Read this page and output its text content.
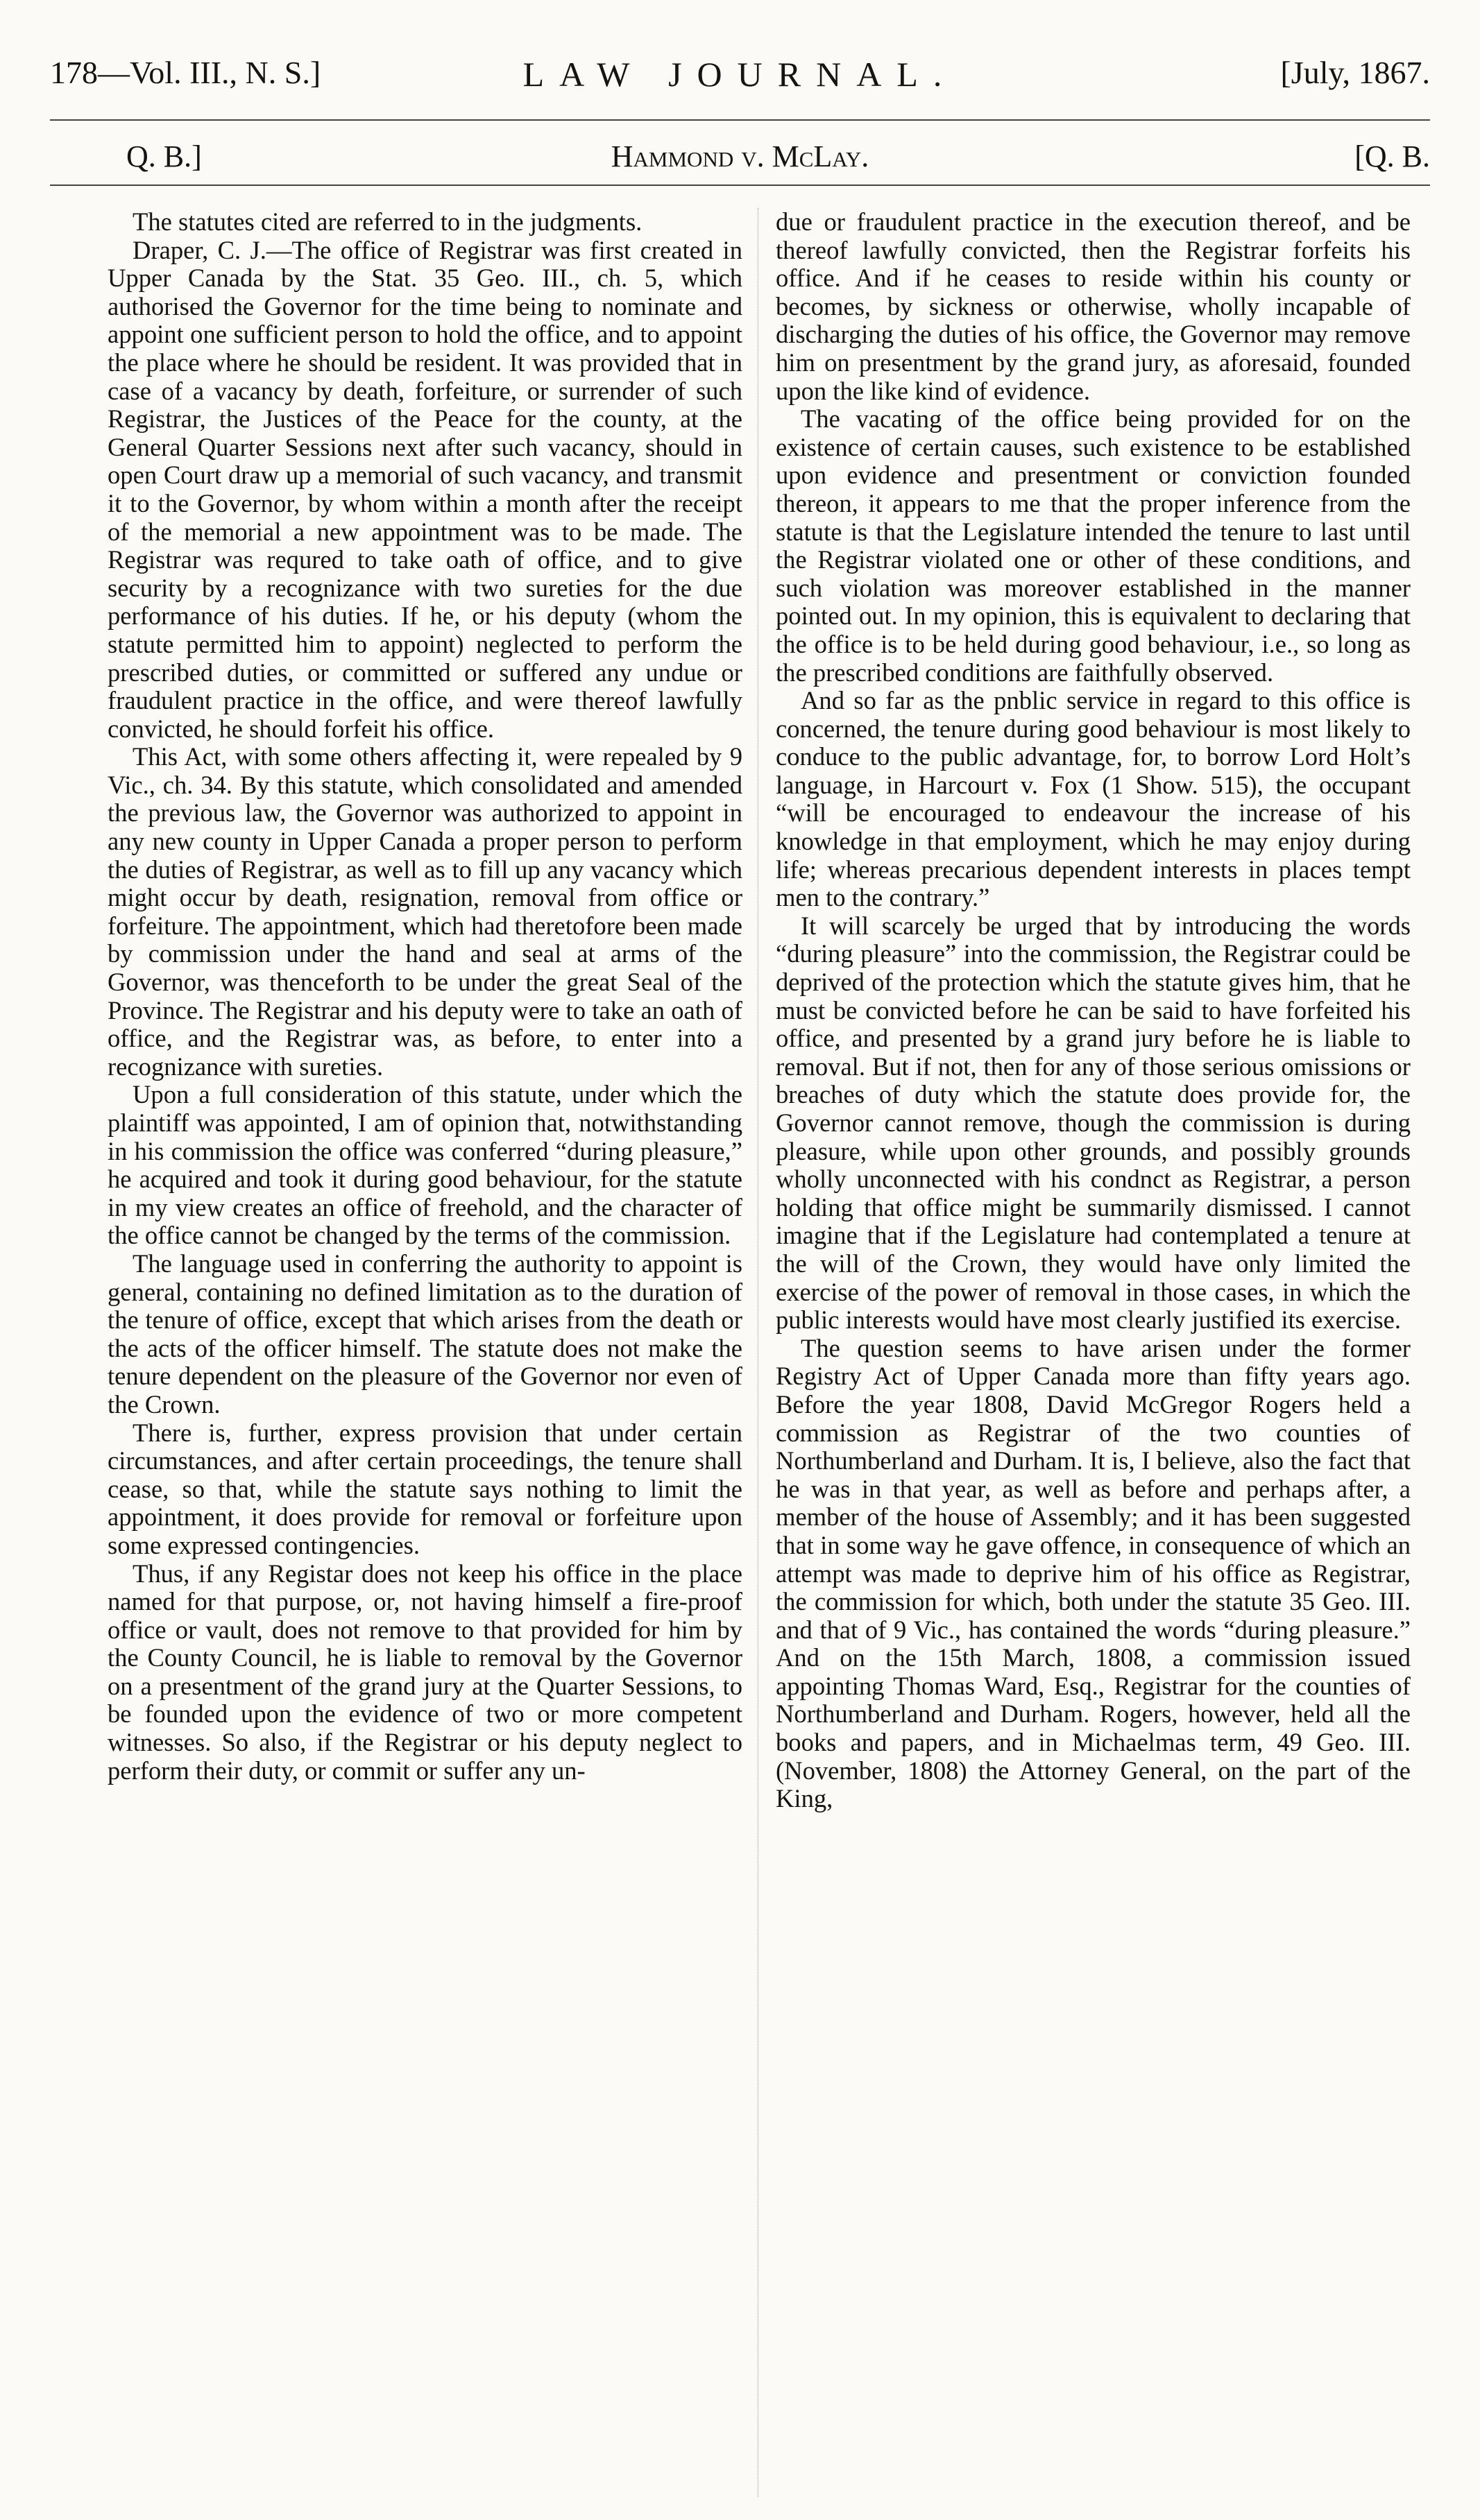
178—Vol. III., N. S.]	LAW JOURNAL.	[July, 1867.
Q. B.]	Hammond v. McLay.	[Q. B.

The statutes cited are referred to in the judgments.

Draper, C. J.—The office of Registrar was first created in Upper Canada by the Stat. 35 Geo. III., ch. 5, which authorised the Governor for the time being to nominate and appoint one sufficient person to hold the office, and to appoint the place where he should be resident. It was provided that in case of a vacancy by death, forfeiture, or surrender of such Registrar, the Justices of the Peace for the county, at the General Quarter Sessions next after such vacancy, should in open Court draw up a memorial of such vacancy, and transmit it to the Governor, by whom within a month after the receipt of the memorial a new appointment was to be made. The Registrar was requred to take oath of office, and to give security by a recognizance with two sureties for the due performance of his duties. If he, or his deputy (whom the statute permitted him to appoint) neglected to perform the prescribed duties, or committed or suffered any undue or fraudulent practice in the office, and were thereof lawfully convicted, he should forfeit his office.

This Act, with some others affecting it, were repealed by 9 Vic., ch. 34. By this statute, which consolidated and amended the previous law, the Governor was authorized to appoint in any new county in Upper Canada a proper person to perform the duties of Registrar, as well as to fill up any vacancy which might occur by death, resignation, removal from office or forfeiture. The appointment, which had theretofore been made by commission under the hand and seal at arms of the Governor, was thenceforth to be under the great Seal of the Province. The Registrar and his deputy were to take an oath of office, and the Registrar was, as before, to enter into a recognizance with sureties.

Upon a full consideration of this statute, under which the plaintiff was appointed, I am of opinion that, notwithstanding in his commission the office was conferred “during pleasure,” he acquired and took it during good behaviour, for the statute in my view creates an office of freehold, and the character of the office cannot be changed by the terms of the commission.

The language used in conferring the authority to appoint is general, containing no defined limitation as to the duration of the tenure of office, except that which arises from the death or the acts of the officer himself. The statute does not make the tenure dependent on the pleasure of the Governor nor even of the Crown.

There is, further, express provision that under certain circumstances, and after certain proceedings, the tenure shall cease, so that, while the statute says nothing to limit the appointment, it does provide for removal or forfeiture upon some expressed contingencies.

Thus, if any Registar does not keep his office in the place named for that purpose, or, not having himself a fire-proof office or vault, does not remove to that provided for him by the County Council, he is liable to removal by the Governor on a presentment of the grand jury at the Quarter Sessions, to be founded upon the evidence of two or more competent witnesses. So also, if the Registrar or his deputy neglect to perform their duty, or commit or suffer any un-

due or fraudulent practice in the execution thereof, and be thereof lawfully convicted, then the Registrar forfeits his office. And if he ceases to reside within his county or becomes, by sickness or otherwise, wholly incapable of discharging the duties of his office, the Governor may remove him on presentment by the grand jury, as aforesaid, founded upon the like kind of evidence.

The vacating of the office being provided for on the existence of certain causes, such existence to be established upon evidence and presentment or conviction founded thereon, it appears to me that the proper inference from the statute is that the Legislature intended the tenure to last until the Registrar violated one or other of these conditions, and such violation was moreover established in the manner pointed out. In my opinion, this is equivalent to declaring that the office is to be held during good behaviour, i.e., so long as the prescribed conditions are faithfully observed.

And so far as the pnblic service in regard to this office is concerned, the tenure during good behaviour is most likely to conduce to the public advantage, for, to borrow Lord Holt’s language, in Harcourt v. Fox (1 Show. 515), the occupant “will be encouraged to endeavour the increase of his knowledge in that employment, which he may enjoy during life; whereas precarious dependent interests in places tempt men to the contrary.”

It will scarcely be urged that by introducing the words “during pleasure” into the commission, the Registrar could be deprived of the protection which the statute gives him, that he must be convicted before he can be said to have forfeited his office, and presented by a grand jury before he is liable to removal. But if not, then for any of those serious omissions or breaches of duty which the statute does provide for, the Governor cannot remove, though the commission is during pleasure, while upon other grounds, and possibly grounds wholly unconnected with his condnct as Registrar, a person holding that office might be summarily dismissed. I cannot imagine that if the Legislature had contemplated a tenure at the will of the Crown, they would have only limited the exercise of the power of removal in those cases, in which the public interests would have most clearly justified its exercise.

The question seems to have arisen under the former Registry Act of Upper Canada more than fifty years ago. Before the year 1808, David McGregor Rogers held a commission as Registrar of the two counties of Northumberland and Durham. It is, I believe, also the fact that he was in that year, as well as before and perhaps after, a member of the house of Assembly; and it has been suggested that in some way he gave offence, in consequence of which an attempt was made to deprive him of his office as Registrar, the commission for which, both under the statute 35 Geo. III. and that of 9 Vic., has contained the words “during pleasure.” And on the 15th March, 1808, a commission issued appointing Thomas Ward, Esq., Registrar for the counties of Northumberland and Durham. Rogers, however, held all the books and papers, and in Michaelmas term, 49 Geo. III. (November, 1808) the Attorney General, on the part of the King,
